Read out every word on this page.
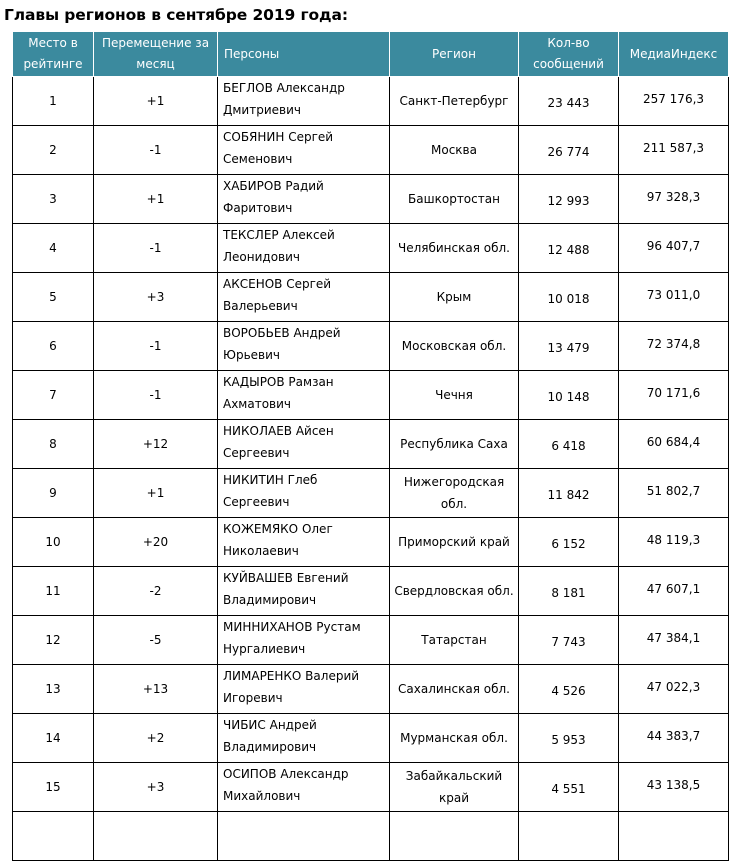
Главы регионов в сентябре 2019 года:
Место в рейтинге	Перемещение за месяц	Персоны	Регион	Кол-во сообщений	МедиаИндекс
1	+1	БЕГЛОВ Александр Дмитриевич	Санкт-Петербург	23 443	257 176,3
2	-1	СОБЯНИН Сергей Семенович	Москва	26 774	211 587,3
3	+1	ХАБИРОВ Радий Фаритович	Башкортостан	12 993	97 328,3
4	-1	ТЕКСЛЕР Алексей Леонидович	Челябинская обл.	12 488	96 407,7
5	+3	АКСЕНОВ Сергей Валерьевич	Крым	10 018	73 011,0
6	-1	ВОРОБЬЕВ Андрей Юрьевич	Московская обл.	13 479	72 374,8
7	-1	КАДЫРОВ Рамзан Ахматович	Чечня	10 148	70 171,6
8	+12	НИКОЛАЕВ Айсен Сергеевич	Республика Саха	6 418	60 684,4
9	+1	НИКИТИН Глеб Сергеевич	Нижегородская обл.	11 842	51 802,7
10	+20	КОЖЕМЯКО Олег Николаевич	Приморский край	6 152	48 119,3
11	-2	КУЙВАШЕВ Евгений Владимирович	Свердловская обл.	8 181	47 607,1
12	-5	МИННИХАНОВ Рустам Нургалиевич	Татарстан	7 743	47 384,1
13	+13	ЛИМАРЕНКО Валерий Игоревич	Сахалинская обл.	4 526	47 022,3
14	+2	ЧИБИС Андрей Владимирович	Мурманская обл.	5 953	44 383,7
15	+3	ОСИПОВ Александр Михайлович	Забайкальский край	4 551	43 138,5
